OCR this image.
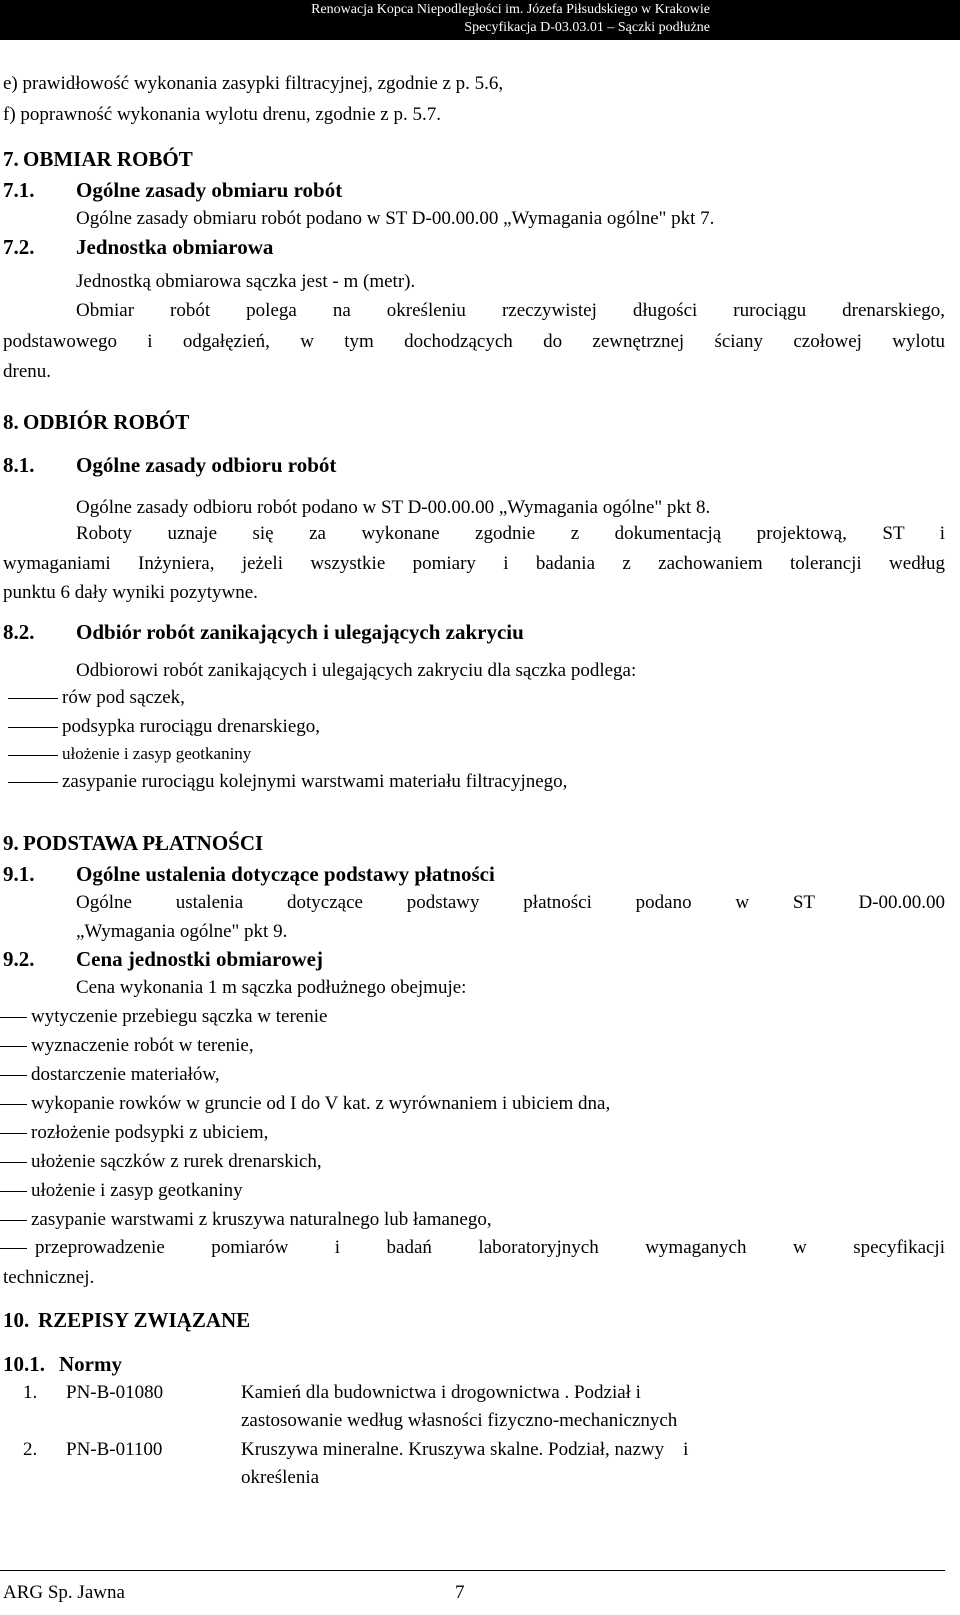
Renowacja Kopca Niepodległości im. Józefa Piłsudskiego w Krakowie
Specyfikacja D-03.03.01 – Sączki podłużne
e) prawidłowość wykonania zasypki filtracyjnej, zgodnie z p. 5.6,
f) poprawność wykonania wylotu drenu, zgodnie z p. 5.7.
7. OBMIAR ROBÓT
7.1. Ogólne zasady obmiaru robót
Ogólne zasady obmiaru robót podano w ST D-00.00.00 „Wymagania ogólne" pkt 7.
7.2. Jednostka obmiarowa
Jednostką obmiarowa sączka jest - m (metr).
Obmiar robót polega na określeniu rzeczywistej długości rurociągu drenarskiego,
podstawowego i odgałęzień, w tym dochodzących do zewnętrznej ściany czołowej wylotu
drenu.
8. ODBIÓR ROBÓT
8.1. Ogólne zasady odbioru robót
Ogólne zasady odbioru robót podano w ST D-00.00.00 „Wymagania ogólne" pkt 8.
Roboty uznaje się za wykonane zgodnie z dokumentacją projektową, ST i
wymaganiami Inżyniera, jeżeli wszystkie pomiary i badania z zachowaniem tolerancji według
punktu 6 dały wyniki pozytywne.
8.2. Odbiór robót zanikających i ulegających zakryciu
Odbiorowi robót zanikających i ulegających zakryciu dla sączka podlega:
rów pod sączek,
podsypka rurociągu drenarskiego,
ułożenie i zasyp geotkaniny
zasypanie rurociągu kolejnymi warstwami materiału filtracyjnego,
9. PODSTAWA PŁATNOŚCI
9.1. Ogólne ustalenia dotyczące podstawy płatności
Ogólne ustalenia dotyczące podstawy płatności podano w ST D-00.00.00
„Wymagania ogólne" pkt 9.
9.2. Cena jednostki obmiarowej
Cena wykonania 1 m sączka podłużnego obejmuje:
wytyczenie przebiegu sączka w terenie
wyznaczenie robót w terenie,
dostarczenie materiałów,
wykopanie rowków w gruncie od I do V kat. z wyrównaniem i ubiciem dna,
rozłożenie podsypki z ubiciem,
ułożenie sączków z rurek drenarskich,
ułożenie i zasyp geotkaniny
zasypanie warstwami z kruszywa naturalnego lub łamanego,
przeprowadzenie pomiarów i badań laboratoryjnych wymaganych w specyfikacji
technicznej.
10. RZEPISY ZWIĄZANE
10.1. Normy
1. PN-B-01080	Kamień dla budownictwa i drogownictwa . Podział i
zastosowanie według własności fizyczno-mechanicznych
2. PN-B-01100	Kruszywa mineralne. Kruszywa skalne. Podział, nazwy    i
określenia
ARG Sp. Jawna	7
